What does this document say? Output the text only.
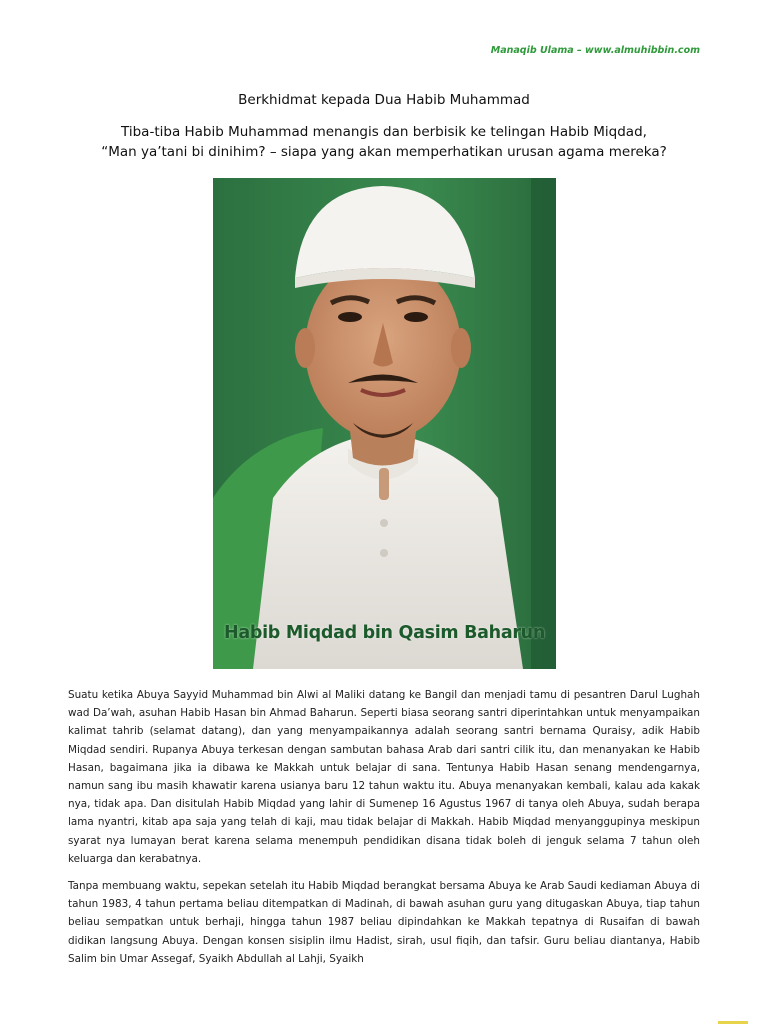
Manaqib Ulama – www.almuhibbin.com
Berkhidmat kepada Dua Habib Muhammad
Tiba-tiba Habib Muhammad menangis dan berbisik ke telingan Habib Miqdad,
“Man ya’tani bi dinihim? – siapa yang akan memperhatikan urusan agama mereka?
Habib Miqdad bin Qasim Baharun

Suatu ketika Abuya Sayyid Muhammad bin Alwi al Maliki datang ke Bangil dan menjadi tamu di pesantren Darul Lughah wad Da’wah, asuhan Habib Hasan bin Ahmad Baharun. Seperti biasa seorang santri diperintahkan untuk menyampaikan kalimat tahrib (selamat datang), dan yang menyampaikannya adalah seorang santri bernama Quraisy, adik Habib Miqdad sendiri. Rupanya Abuya terkesan dengan sambutan bahasa Arab dari santri cilik itu, dan menanyakan ke Habib Hasan, bagaimana jika ia dibawa ke Makkah untuk belajar di sana. Tentunya Habib Hasan senang mendengarnya, namun sang ibu masih khawatir karena usianya baru 12 tahun waktu itu. Abuya menanyakan kembali, kalau ada kakak nya, tidak apa. Dan disitulah Habib Miqdad yang lahir di Sumenep 16 Agustus 1967 di tanya oleh Abuya, sudah berapa lama nyantri, kitab apa saja yang telah di kaji, mau tidak belajar di Makkah. Habib Miqdad menyanggupinya meskipun syarat nya lumayan berat karena selama menempuh pendidikan disana tidak boleh di jenguk selama 7 tahun oleh keluarga dan kerabatnya.

Tanpa membuang waktu, sepekan setelah itu Habib Miqdad berangkat bersama Abuya ke Arab Saudi kediaman Abuya di tahun 1983, 4 tahun pertama beliau ditempatkan di Madinah, di bawah asuhan guru yang ditugaskan Abuya, tiap tahun beliau sempatkan untuk berhaji, hingga tahun 1987 beliau dipindahkan ke Makkah tepatnya di Rusaifan di bawah didikan langsung Abuya. Dengan konsen sisiplin ilmu Hadist, sirah, usul fiqih, dan tafsir. Guru beliau diantanya, Habib Salim bin Umar Assegaf, Syaikh Abdullah al Lahji, Syaikh
